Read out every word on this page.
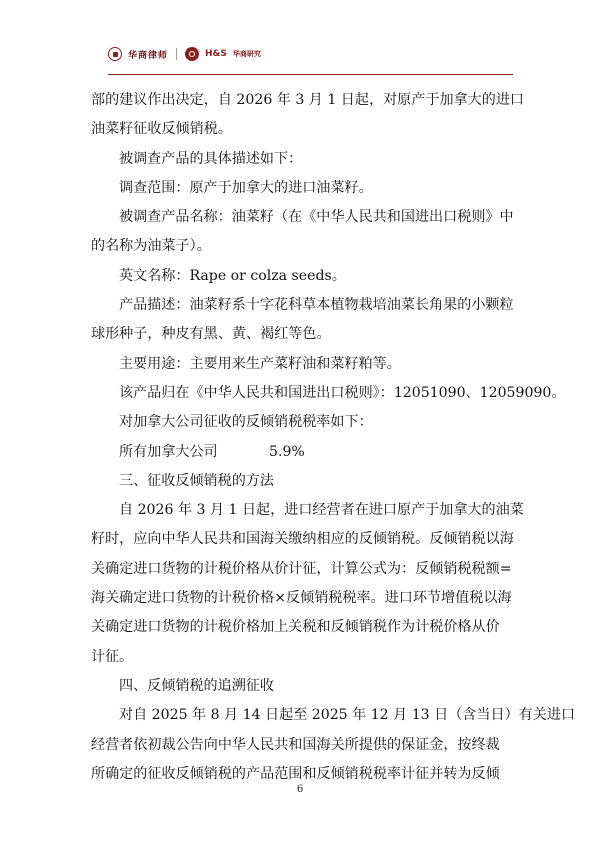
华商律师	H&S 华商研究

部的建议作出决定，自 2026 年 3 月 1 日起，对原产于加拿大的进口

油菜籽征收反倾销税。

被调查产品的具体描述如下：

调查范围：原产于加拿大的进口油菜籽。

被调查产品名称：油菜籽（在《中华人民共和国进出口税则》中

的名称为油菜子）。

英文名称：Rape or colza seeds。

产品描述：油菜籽系十字花科草本植物栽培油菜长角果的小颗粒

球形种子，种皮有黑、黄、褐红等色。

主要用途：主要用来生产菜籽油和菜籽粕等。

该产品归在《中华人民共和国进出口税则》：12051090、12059090。

对加拿大公司征收的反倾销税税率如下：

所有加拿大公司	5.9%

三、征收反倾销税的方法

自 2026 年 3 月 1 日起，进口经营者在进口原产于加拿大的油菜

籽时，应向中华人民共和国海关缴纳相应的反倾销税。反倾销税以海

关确定进口货物的计税价格从价计征，计算公式为：反倾销税税额=

海关确定进口货物的计税价格×反倾销税税率。进口环节增值税以海

关确定进口货物的计税价格加上关税和反倾销税作为计税价格从价

计征。

四、反倾销税的追溯征收

对自 2025 年 8 月 14 日起至 2025 年 12 月 13 日（含当日）有关进口

经营者依初裁公告向中华人民共和国海关所提供的保证金，按终裁

所确定的征收反倾销税的产品范围和反倾销税税率计征并转为反倾

6
